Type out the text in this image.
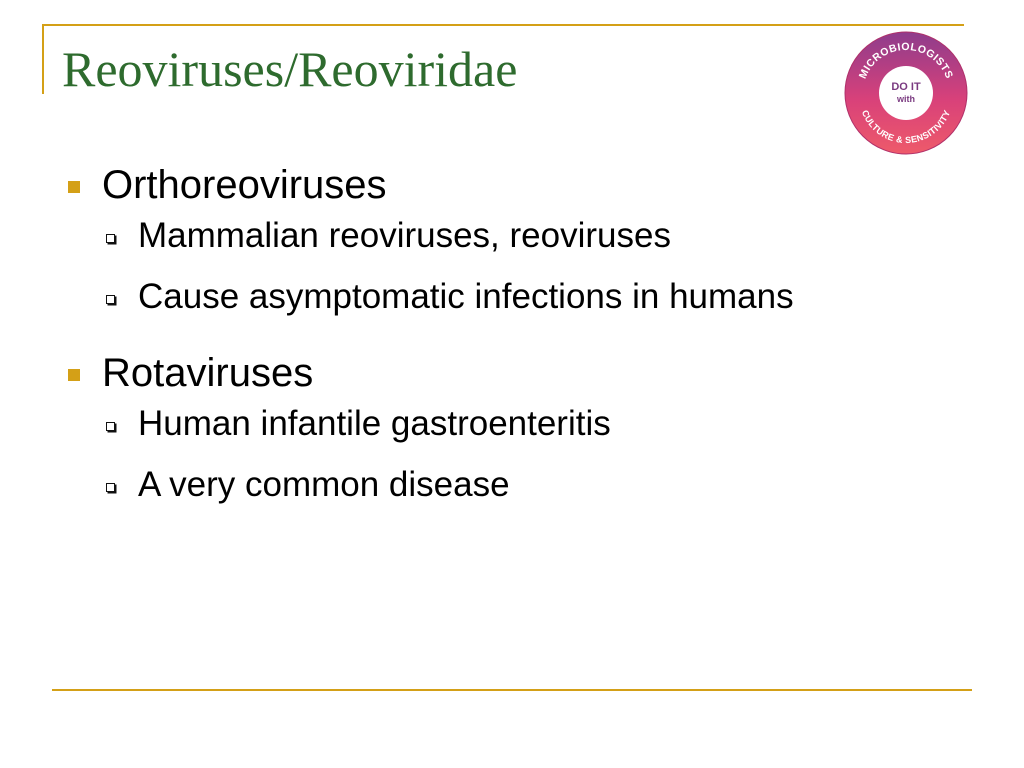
Reoviruses/Reoviridae	MICROBIOLOGISTS
CULTURE & SENSITIVITY
DO IT
with
Orthoreoviruses
Mammalian reoviruses, reoviruses
Cause asymptomatic infections in humans
Rotaviruses
Human infantile gastroenteritis
A very common disease
